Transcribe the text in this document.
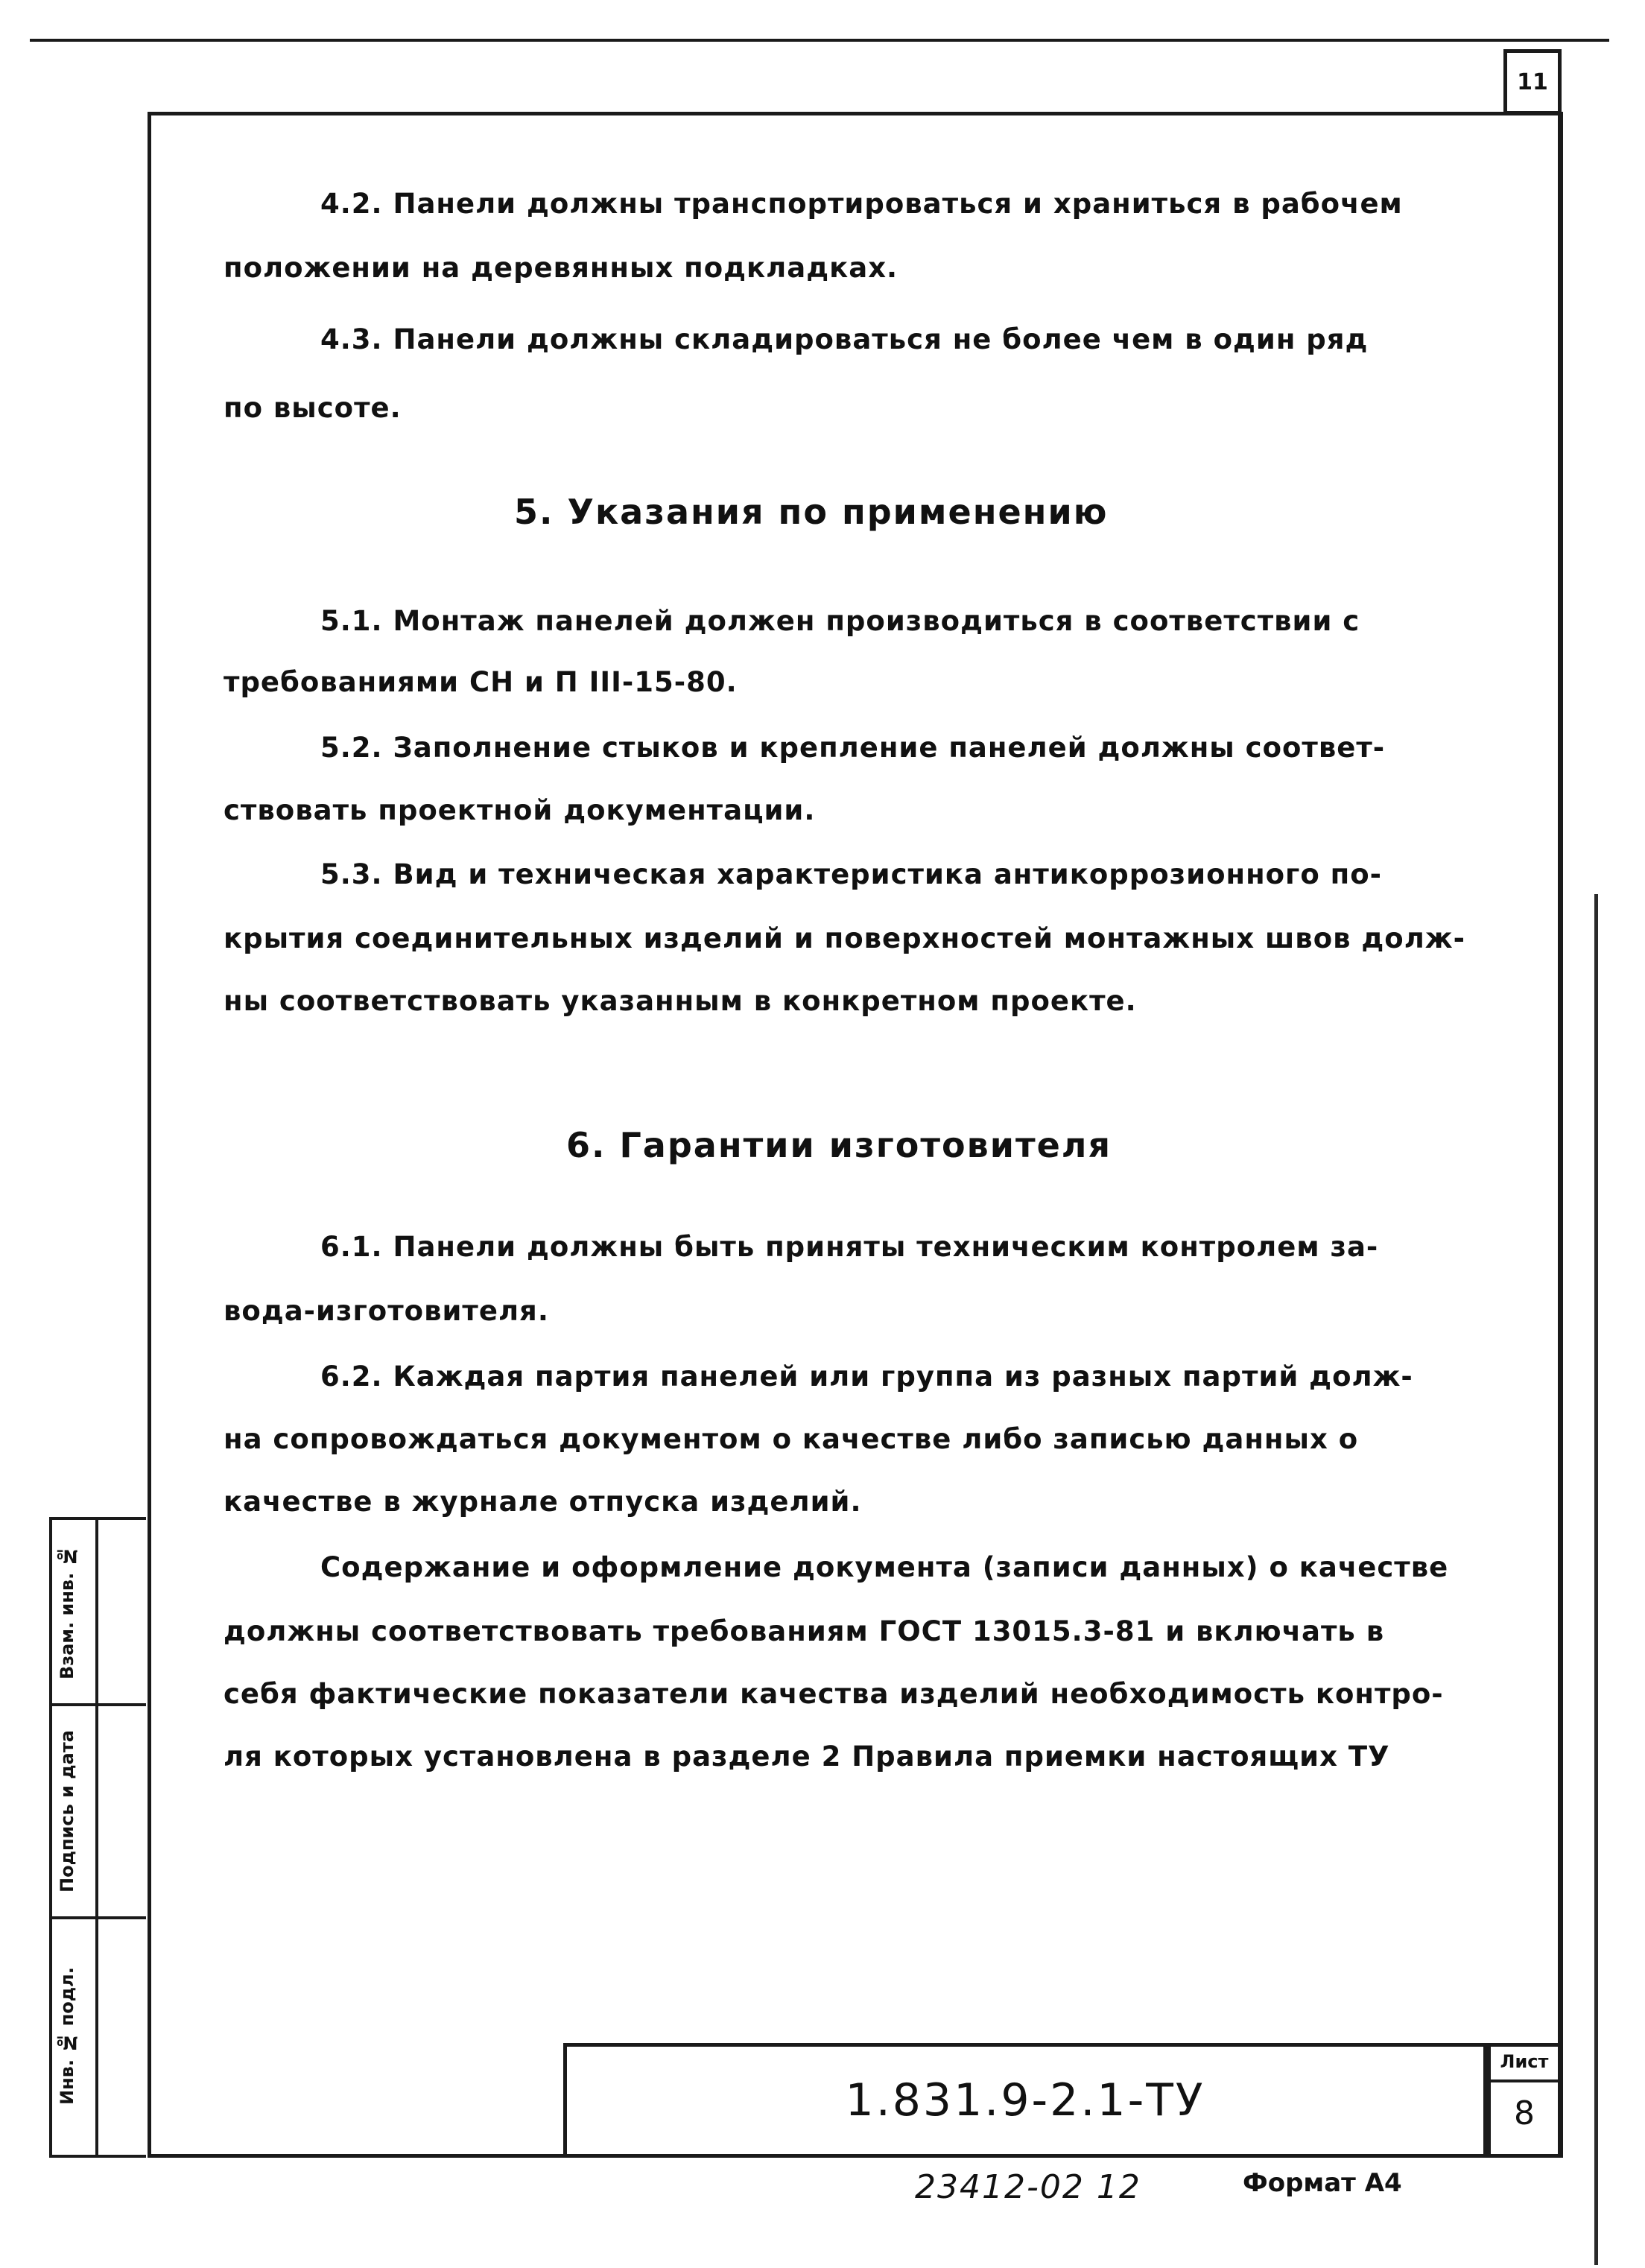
11
4.2. Панели должны транспортироваться и храниться в рабочем
положении на деревянных подкладках.
4.3. Панели должны складироваться не более чем в один ряд
по высоте.
5.1. Монтаж панелей должен производиться в соответствии с
требованиями СН и П III-15-80.
5.2. Заполнение стыков и крепление панелей должны соответ-
ствовать проектной документации.
5.3. Вид и техническая характеристика антикоррозионного по-
крытия соединительных изделий и поверхностей монтажных швов долж-
ны соответствовать указанным в конкретном проекте.
6.1. Панели должны быть приняты техническим контролем за-
вода-изготовителя.
6.2. Каждая партия панелей или группа из разных партий долж-
на сопровождаться документом о качестве либо записью данных о
качестве в журнале отпуска изделий.
Содержание и оформление документа (записи данных) о качестве
должны соответствовать требованиям ГОСТ 13015.3-81 и включать в
себя фактические показатели качества изделий необходимость контро-
ля которых установлена в разделе 2 Правила приемки настоящих ТУ
5. Указания по применению
6. Гарантии изготовителя
Взам. инв. №
Подпись и дата
Инв. № подл.	1.831.9-2.1-ТУ
Лист
8
23412-02 12	Формат А4
